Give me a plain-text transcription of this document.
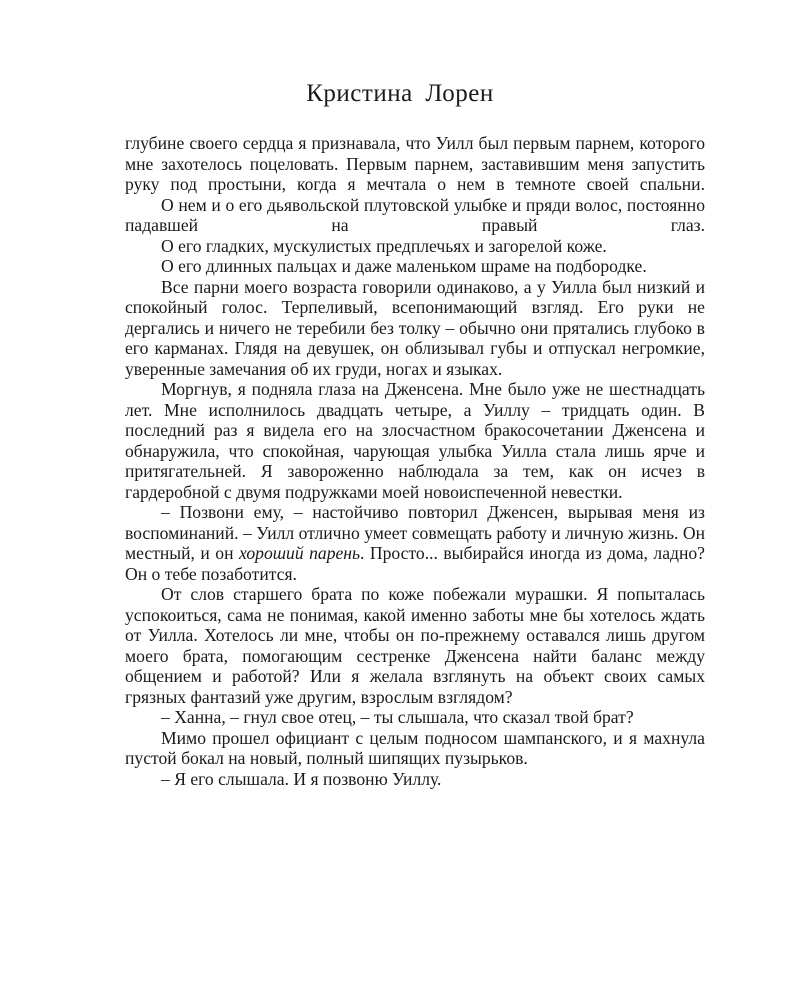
Кристина Лорен

глубине своего сердца я признавала, что Уилл был первым парнем, которого мне захотелось поцеловать. Первым парнем, заставившим меня запустить руку под простыни, когда я мечтала о нем в темноте своей спальни.

О нем и о его дьявольской плутовской улыбке и пряди волос, постоянно падавшей на правый глаз.

О его гладких, мускулистых предплечьях и загорелой коже.

О его длинных пальцах и даже маленьком шраме на подбородке.

Все парни моего возраста говорили одинаково, а у Уилла был низкий и спокойный голос. Терпеливый, всепонимающий взгляд. Его руки не дергались и ничего не теребили без толку – обычно они прятались глубоко в его карманах. Глядя на девушек, он облизывал губы и отпускал негромкие, уверенные замечания об их груди, ногах и языках.

Моргнув, я подняла глаза на Дженсена. Мне было уже не шестнадцать лет. Мне исполнилось двадцать четыре, а Уиллу – тридцать один. В последний раз я видела его на злосчастном бракосочетании Дженсена и обнаружила, что спокойная, чарующая улыбка Уилла стала лишь ярче и притягательней. Я завороженно наблюдала за тем, как он исчез в гардеробной с двумя подружками моей новоиспеченной невестки.

– Позвони ему, – настойчиво повторил Дженсен, вырывая меня из воспоминаний. – Уилл отлично умеет совмещать работу и личную жизнь. Он местный, и он хороший парень. Просто... выбирайся иногда из дома, ладно? Он о тебе позаботится.

От слов старшего брата по коже побежали мурашки. Я попыталась успокоиться, сама не понимая, какой именно заботы мне бы хотелось ждать от Уилла. Хотелось ли мне, чтобы он по-прежнему оставался лишь другом моего брата, помогающим сестренке Дженсена найти баланс между общением и работой? Или я желала взглянуть на объект своих самых грязных фантазий уже другим, взрослым взглядом?

– Ханна, – гнул свое отец, – ты слышала, что сказал твой брат?

Мимо прошел официант с целым подносом шампанского, и я махнула пустой бокал на новый, полный шипящих пузырьков.

– Я его слышала. И я позвоню Уиллу.
